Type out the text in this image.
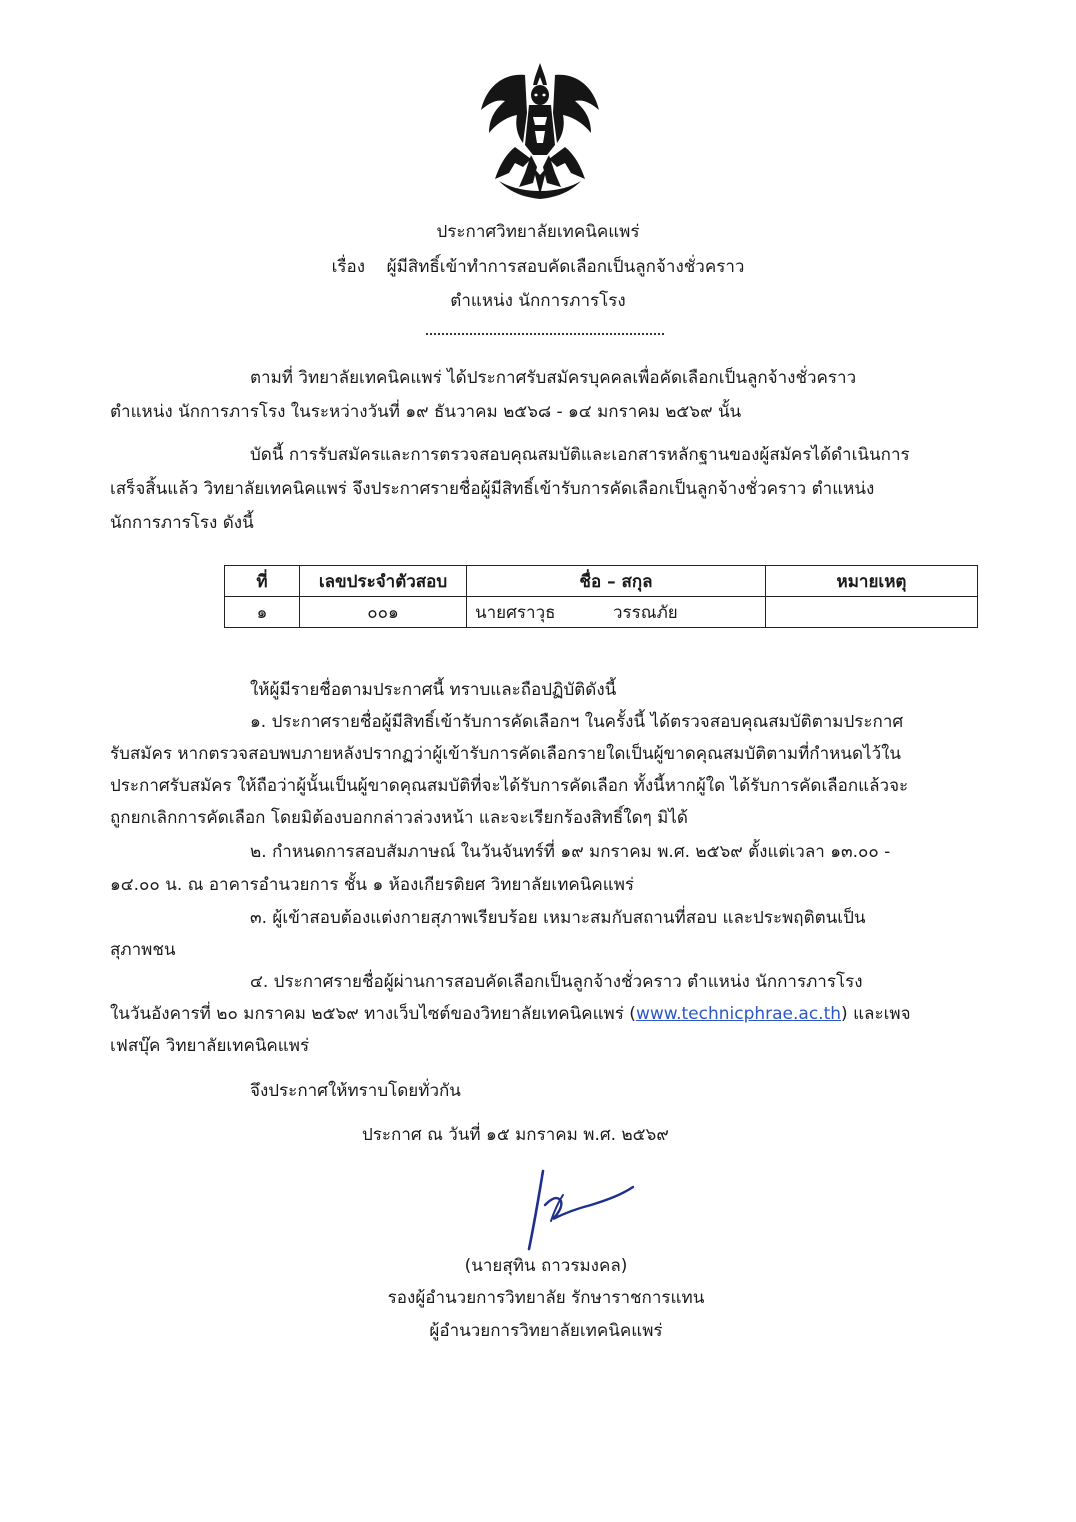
ประกาศวิทยาลัยเทคนิคแพร่
เรื่อง ผู้มีสิทธิ์เข้าทำการสอบคัดเลือกเป็นลูกจ้างชั่วคราว
ตำแหน่ง นักการภารโรง
ตามที่ วิทยาลัยเทคนิคแพร่ ได้ประกาศรับสมัครบุคคลเพื่อคัดเลือกเป็นลูกจ้างชั่วคราว
ตำแหน่ง นักการภารโรง ในระหว่างวันที่ ๑๙ ธันวาคม ๒๕๖๘ - ๑๔ มกราคม ๒๕๖๙ นั้น
บัดนี้ การรับสมัครและการตรวจสอบคุณสมบัติและเอกสารหลักฐานของผู้สมัครได้ดำเนินการ
เสร็จสิ้นแล้ว วิทยาลัยเทคนิคแพร่ จึงประกาศรายชื่อผู้มีสิทธิ์เข้ารับการคัดเลือกเป็นลูกจ้างชั่วคราว ตำแหน่ง
นักการภารโรง ดังนี้
ที่	เลขประจำตัวสอบ	ชื่อ – สกุล	หมายเหตุ
๑	๐๐๑	นายศราวุธ วรรณภัย	
ให้ผู้มีรายชื่อตามประกาศนี้ ทราบและถือปฏิบัติดังนี้
๑. ประกาศรายชื่อผู้มีสิทธิ์เข้ารับการคัดเลือกฯ ในครั้งนี้ ได้ตรวจสอบคุณสมบัติตามประกาศ
รับสมัคร หากตรวจสอบพบภายหลังปรากฏว่าผู้เข้ารับการคัดเลือกรายใดเป็นผู้ขาดคุณสมบัติตามที่กำหนดไว้ใน
ประกาศรับสมัคร ให้ถือว่าผู้นั้นเป็นผู้ขาดคุณสมบัติที่จะได้รับการคัดเลือก ทั้งนี้หากผู้ใด ได้รับการคัดเลือกแล้วจะ
ถูกยกเลิกการคัดเลือก โดยมิต้องบอกกล่าวล่วงหน้า และจะเรียกร้องสิทธิ์ใดๆ มิได้
๒. กำหนดการสอบสัมภาษณ์ ในวันจันทร์ที่ ๑๙ มกราคม พ.ศ. ๒๕๖๙ ตั้งแต่เวลา ๑๓.๐๐ -
๑๔.๐๐ น. ณ อาคารอำนวยการ ชั้น ๑ ห้องเกียรติยศ วิทยาลัยเทคนิคแพร่
๓. ผู้เข้าสอบต้องแต่งกายสุภาพเรียบร้อย เหมาะสมกับสถานที่สอบ และประพฤติตนเป็น
สุภาพชน
๔. ประกาศรายชื่อผู้ผ่านการสอบคัดเลือกเป็นลูกจ้างชั่วคราว ตำแหน่ง นักการภารโรง
ในวันอังคารที่ ๒๐ มกราคม ๒๕๖๙ ทางเว็บไซต์ของวิทยาลัยเทคนิคแพร่ (www.technicphrae.ac.th) และเพจ
เฟสบุ๊ค วิทยาลัยเทคนิคแพร่
จึงประกาศให้ทราบโดยทั่วกัน
ประกาศ ณ วันที่ ๑๕ มกราคม พ.ศ. ๒๕๖๙
(นายสุทิน ถาวรมงคล)
รองผู้อำนวยการวิทยาลัย รักษาราชการแทน
ผู้อำนวยการวิทยาลัยเทคนิคแพร่
